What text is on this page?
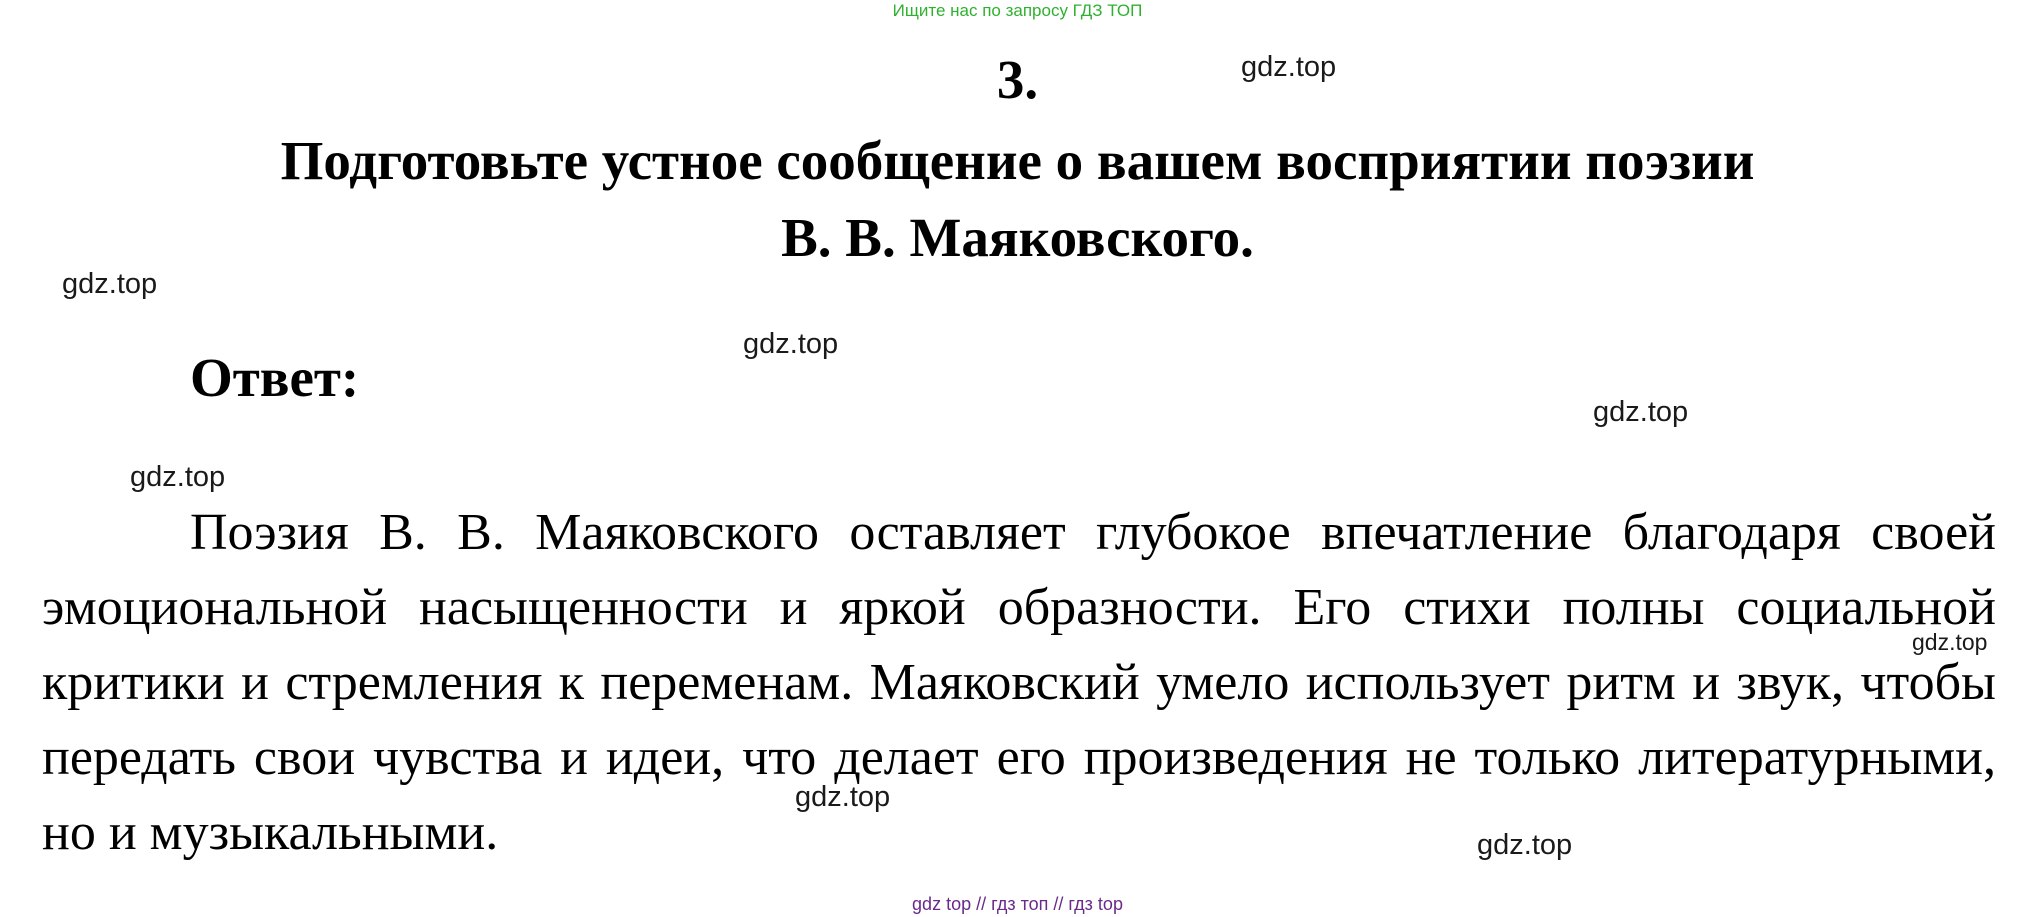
Ищите нас по запросу ГДЗ ТОП
3.
Подготовьте устное сообщение о вашем восприятии поэзии
В. В. Маяковского.
Ответ:

Поэзия В. В. Маяковского оставляет глубокое впечатление благодаря своей эмоциональной насыщенности и яркой образности. Его стихи полны социальной критики и стремления к переменам. Маяковский умело использует ритм и звук, чтобы передать свои чувства и идеи, что делает его произведения не только литературными, но и музыкальными.

gdz.top
gdz.top
gdz.top
gdz.top
gdz.top
gdz.top
gdz.top
gdz.top
gdz top // гдз топ // гдз top
